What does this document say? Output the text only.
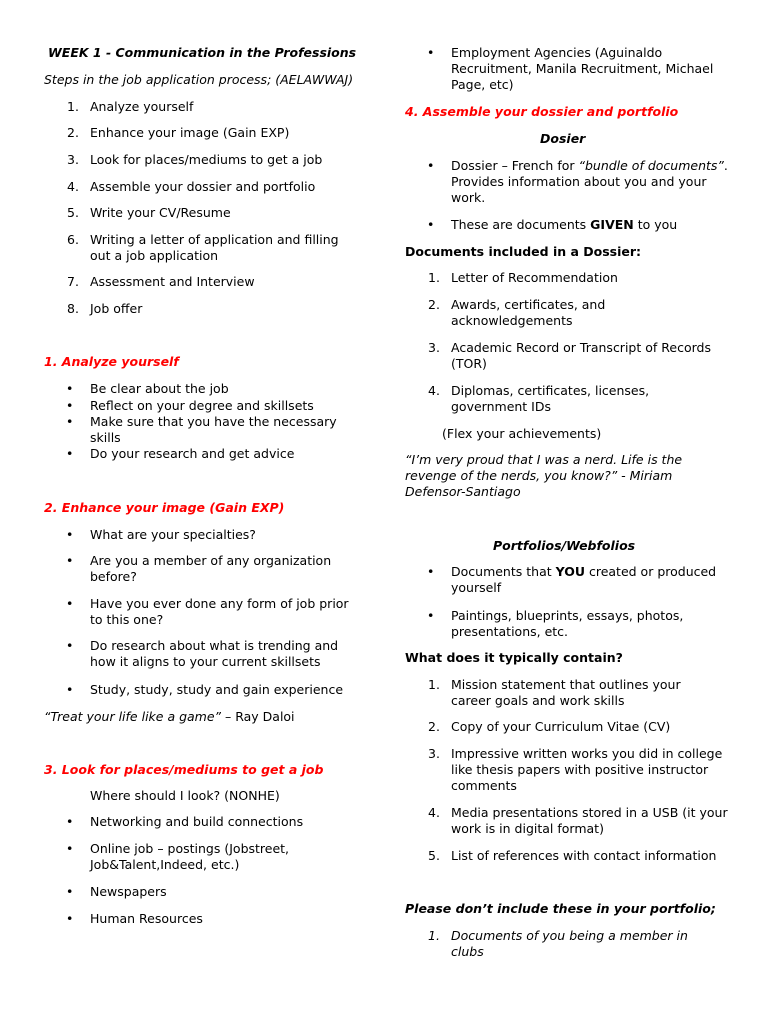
WEEK 1 - Communication in the Professions
Steps in the job application process; (AELAWWAJ)
1. Analyze yourself
2. Enhance your image (Gain EXP)
3. Look for places/mediums to get a job
4. Assemble your dossier and portfolio
5. Write your CV/Resume
6. Writing a letter of application and filling out a job application
7. Assessment and Interview
8. Job offer
1. Analyze yourself
• Be clear about the job
• Reflect on your degree and skillsets
• Make sure that you have the necessary skills
• Do your research and get advice
2. Enhance your image (Gain EXP)
• What are your specialties?
• Are you a member of any organization before?
• Have you ever done any form of job prior to this one?
• Do research about what is trending and how it aligns to your current skillsets
• Study, study, study and gain experience
“Treat your life like a game” – Ray Daloi
3. Look for places/mediums to get a job
Where should I look? (NONHE)
• Networking and build connections
• Online job – postings (Jobstreet, Job&Talent,Indeed, etc.)
• Newspapers
• Human Resources
• Employment Agencies (Aguinaldo Recruitment, Manila Recruitment, Michael Page, etc)
4. Assemble your dossier and portfolio
Dosier
• Dossier – French for “bundle of documents”. Provides information about you and your work.
• These are documents GIVEN to you
Documents included in a Dossier:
1. Letter of Recommendation
2. Awards, certificates, and acknowledgements
3. Academic Record or Transcript of Records (TOR)
4. Diplomas, certificates, licenses, government IDs
(Flex your achievements)
“I’m very proud that I was a nerd. Life is the revenge of the nerds, you know?” - Miriam Defensor-Santiago
Portfolios/Webfolios
• Documents that YOU created or produced yourself
• Paintings, blueprints, essays, photos, presentations, etc.
What does it typically contain?
1. Mission statement that outlines your career goals and work skills
2. Copy of your Curriculum Vitae (CV)
3. Impressive written works you did in college like thesis papers with positive instructor comments
4. Media presentations stored in a USB (it your work is in digital format)
5. List of references with contact information
Please don’t include these in your portfolio;
1. Documents of you being a member in clubs
